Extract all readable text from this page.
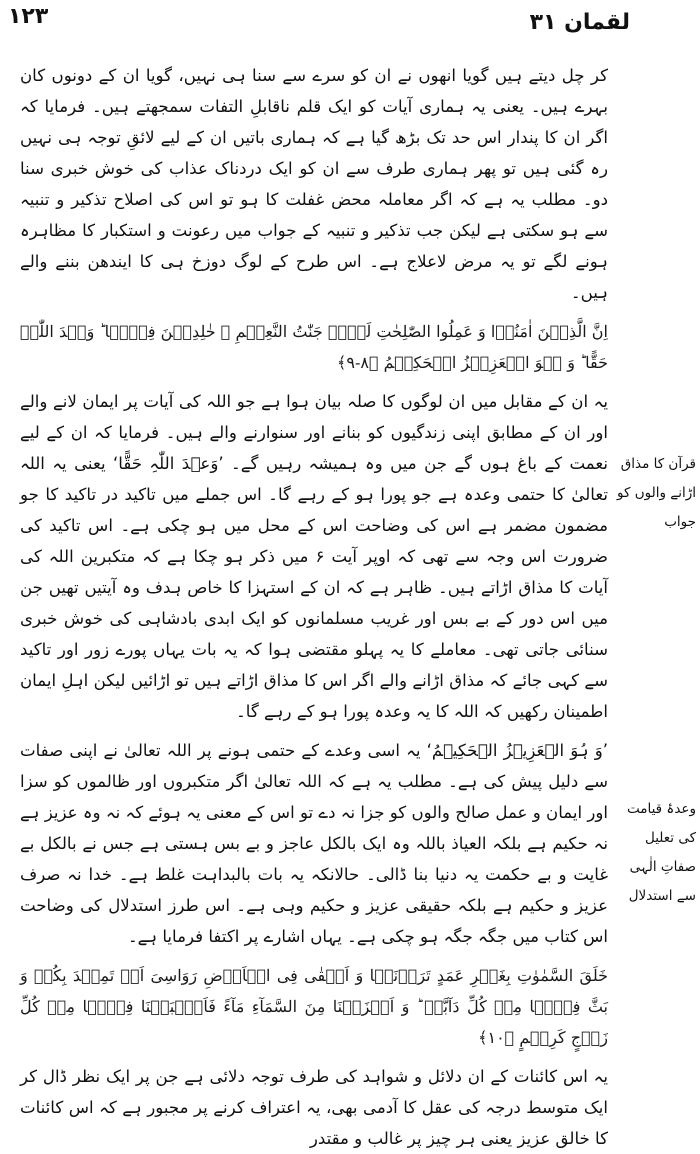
١٢٣	لقمان ٣١

کر چل دیتے ہیں گویا انھوں نے ان کو سرے سے سنا ہی نہیں، گویا ان کے دونوں کان بہرے ہیں۔ یعنی یہ ہماری آیات کو ایک قلم ناقابلِ التفات سمجھتے ہیں۔ فرمایا کہ اگر ان کا پندار اس حد تک بڑھ گیا ہے کہ ہماری باتیں ان کے لیے لائقِ توجہ ہی نہیں رہ گئی ہیں تو پھر ہماری طرف سے ان کو ایک دردناک عذاب کی خوش خبری سنا دو۔ مطلب یہ ہے کہ اگر معاملہ محض غفلت کا ہو تو اس کی اصلاح تذکیر و تنبیہ سے ہو سکتی ہے لیکن جب تذکیر و تنبیہ کے جواب میں رعونت و استکبار کا مظاہرہ ہونے لگے تو یہ مرض لاعلاج ہے۔ اس طرح کے لوگ دوزخ ہی کا ایندھن بننے والے ہیں۔

اِنَّ الَّذِیۡنَ اٰمَنُوۡا وَ عَمِلُوا الصّٰلِحٰتِ لَہُمۡ جَنّٰتُ النَّعِیۡمِ ۙ خٰلِدِیۡنَ فِیۡہَا ؕ وَعۡدَ اللّٰہِ حَقًّا ؕ وَ ہُوَ الۡعَزِیۡزُ الۡحَکِیۡمُ ﴿٨-٩﴾

یہ ان کے مقابل میں ان لوگوں کا صلہ بیان ہوا ہے جو اللہ کی آیات پر ایمان لانے والے اور ان کے مطابق اپنی زندگیوں کو بنانے اور سنوارنے والے ہیں۔ فرمایا کہ ان کے لیے نعمت کے باغ ہوں گے جن میں وہ ہمیشہ رہیں گے۔ ’وَعۡدَ اللّٰہِ حَقًّا‘ یعنی یہ اللہ تعالیٰ کا حتمی وعدہ ہے جو پورا ہو کے رہے گا۔ اس جملے میں تاکید در تاکید کا جو مضمون مضمر ہے اس کی وضاحت اس کے محل میں ہو چکی ہے۔ اس تاکید کی ضرورت اس وجہ سے تھی کہ اوپر آیت ۶ میں ذکر ہو چکا ہے کہ متکبرین اللہ کی آیات کا مذاق اڑاتے ہیں۔ ظاہر ہے کہ ان کے استہزا کا خاص ہدف وہ آیتیں تھیں جن میں اس دور کے بے بس اور غریب مسلمانوں کو ایک ابدی بادشاہی کی خوش خبری سنائی جاتی تھی۔ معاملے کا یہ پہلو مقتضی ہوا کہ یہ بات یہاں پورے زور اور تاکید سے کہی جائے کہ مذاق اڑانے والے اگر اس کا مذاق اڑاتے ہیں تو اڑائیں لیکن اہلِ ایمان اطمینان رکھیں کہ اللہ کا یہ وعدہ پورا ہو کے رہے گا۔

’وَ ہُوَ الۡعَزِیۡزُ الۡحَکِیۡمُ‘ یہ اسی وعدے کے حتمی ہونے پر اللہ تعالیٰ نے اپنی صفات سے دلیل پیش کی ہے۔ مطلب یہ ہے کہ اللہ تعالیٰ اگر متکبروں اور ظالموں کو سزا اور ایمان و عمل صالح والوں کو جزا نہ دے تو اس کے معنی یہ ہوئے کہ نہ وہ عزیز ہے نہ حکیم ہے بلکہ العیاذ باللہ وہ ایک بالکل عاجز و بے بس ہستی ہے جس نے بالکل بے غایت و بے حکمت یہ دنیا بنا ڈالی۔ حالانکہ یہ بات بالبداہت غلط ہے۔ خدا نہ صرف عزیز و حکیم ہے بلکہ حقیقی عزیز و حکیم وہی ہے۔ اس طرز استدلال کی وضاحت اس کتاب میں جگہ جگہ ہو چکی ہے۔ یہاں اشارے پر اکتفا فرمایا ہے۔

خَلَقَ السَّمٰوٰتِ بِغَیۡرِ عَمَدٍ تَرَوۡنَہَا وَ اَلۡقٰی فِی الۡاَرۡضِ رَوَاسِیَ اَنۡ تَمِیۡدَ بِکُمۡ وَ بَثَّ فِیۡہَا مِنۡ کُلِّ دَآبَّۃٍ ؕ وَ اَنۡزَلۡنَا مِنَ السَّمَآءِ مَآءً فَاَنۡۢبَتۡنَا فِیۡہَا مِنۡ کُلِّ زَوۡجٍ کَرِیۡمٍ ﴿١٠﴾

یہ اس کائنات کے ان دلائل و شواہد کی طرف توجہ دلائی ہے جن پر ایک نظر ڈال کر ایک متوسط درجہ کی عقل کا آدمی بھی، یہ اعتراف کرنے پر مجبور ہے کہ اس کائنات کا خالق عزیز یعنی ہر چیز پر غالب و مقتدر

قرآن کا مذاق اڑانے والوں کو جواب
وعدۂ قیامت کی تعلیل صفاتِ الٰہی سے استدلال
